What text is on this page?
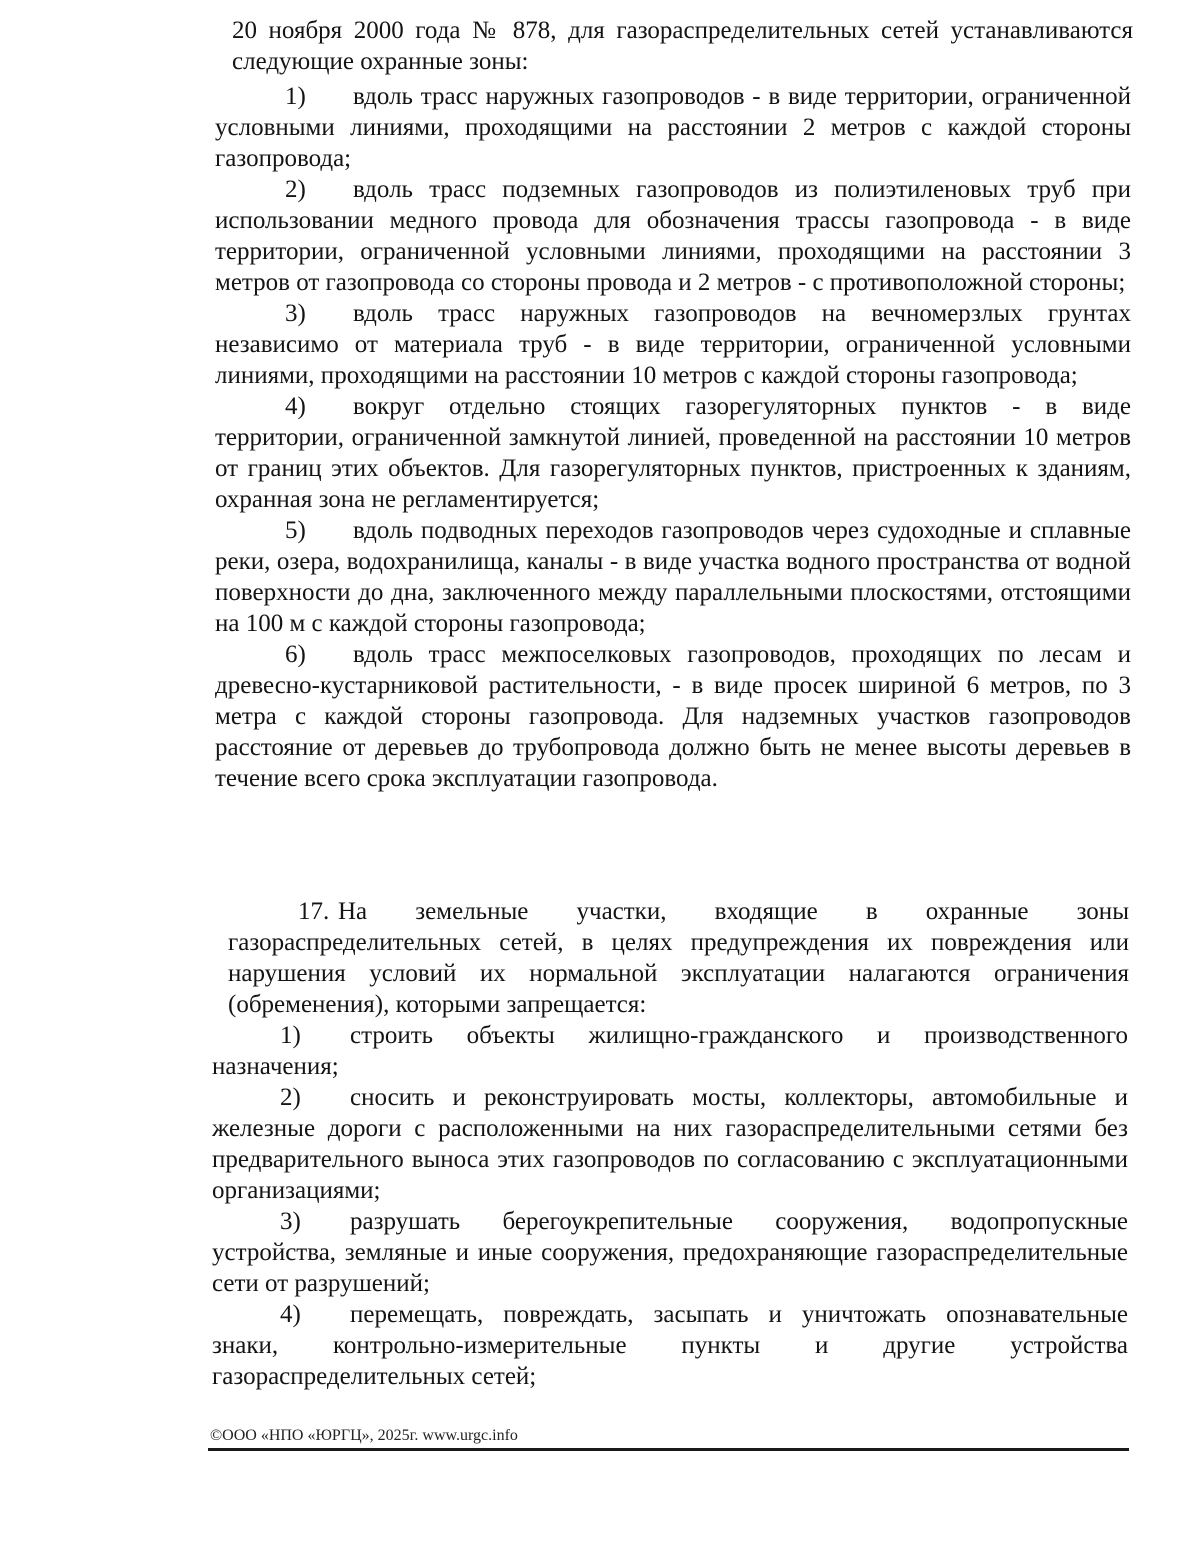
20 ноября 2000 года № 878, для газораспределительных сетей устанавливаются следующие охранные зоны:
1) вдоль трасс наружных газопроводов - в виде территории, ограниченной условными линиями, проходящими на расстоянии 2 метров с каждой стороны газопровода;
2) вдоль трасс подземных газопроводов из полиэтиленовых труб при использовании медного провода для обозначения трассы газопровода - в виде территории, ограниченной условными линиями, проходящими на расстоянии 3 метров от газопровода со стороны провода и 2 метров - с противоположной стороны;
3) вдоль трасс наружных газопроводов на вечномерзлых грунтах независимо от материала труб - в виде территории, ограниченной условными линиями, проходящими на расстоянии 10 метров с каждой стороны газопровода;
4) вокруг отдельно стоящих газорегуляторных пунктов - в виде территории, ограниченной замкнутой линией, проведенной на расстоянии 10 метров от границ этих объектов. Для газорегуляторных пунктов, пристроенных к зданиям, охранная зона не регламентируется;
5) вдоль подводных переходов газопроводов через судоходные и сплавные реки, озера, водохранилища, каналы - в виде участка водного пространства от водной поверхности до дна, заключенного между параллельными плоскостями, отстоящими на 100 м с каждой стороны газопровода;
6) вдоль трасс межпоселковых газопроводов, проходящих по лесам и древесно-кустарниковой растительности, - в виде просек шириной 6 метров, по 3 метра с каждой стороны газопровода. Для надземных участков газопроводов расстояние от деревьев до трубопровода должно быть не менее высоты деревьев в течение всего срока эксплуатации газопровода.
17. На земельные участки, входящие в охранные зоны газораспределительных сетей, в целях предупреждения их повреждения или нарушения условий их нормальной эксплуатации налагаются ограничения (обременения), которыми запрещается:
1) строить объекты жилищно-гражданского и производственного назначения;
2) сносить и реконструировать мосты, коллекторы, автомобильные и железные дороги с расположенными на них газораспределительными сетями без предварительного выноса этих газопроводов по согласованию с эксплуатационными организациями;
3) разрушать берегоукрепительные сооружения, водопропускные устройства, земляные и иные сооружения, предохраняющие газораспределительные сети от разрушений;
4) перемещать, повреждать, засыпать и уничтожать опознавательные знаки, контрольно-измерительные пункты и другие устройства газораспределительных сетей;
©ООО «НПО «ЮРГЦ», 2025г. www.urgc.info
